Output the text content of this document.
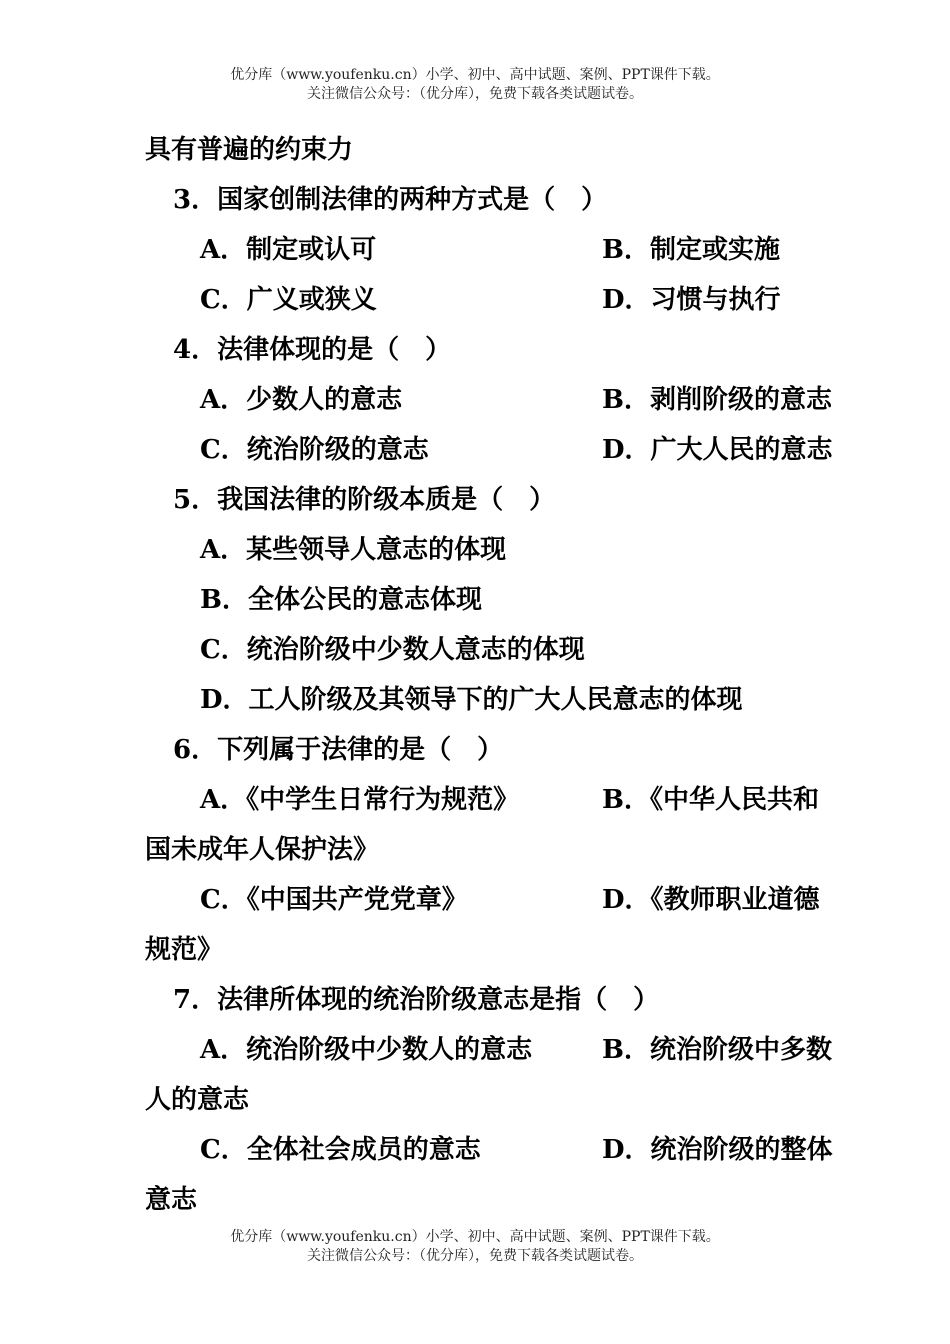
优分库（www.youfenku.cn）小学、初中、高中试题、案例、PPT课件下载。
关注微信公众号：（优分库），免费下载各类试题试卷。
具有普遍的约束力
3．国家创制法律的两种方式是（　）
A．制定或认可	B．制定或实施
C．广义或狭义	D．习惯与执行
4．法律体现的是（　）
A．少数人的意志	B．剥削阶级的意志
C．统治阶级的意志	D．广大人民的意志
5．我国法律的阶级本质是（　）
A．某些领导人意志的体现
B．全体公民的意志体现
C．统治阶级中少数人意志的体现
D．工人阶级及其领导下的广大人民意志的体现
6．下列属于法律的是（　）
A．《中学生日常行为规范》	B．《中华人民共和
国未成年人保护法》
C．《中国共产党党章》	D．《教师职业道德
规范》
7．法律所体现的统治阶级意志是指（　）
A．统治阶级中少数人的意志	B．统治阶级中多数
人的意志
C．全体社会成员的意志	D．统治阶级的整体
意志
优分库（www.youfenku.cn）小学、初中、高中试题、案例、PPT课件下载。
关注微信公众号：（优分库），免费下载各类试题试卷。
